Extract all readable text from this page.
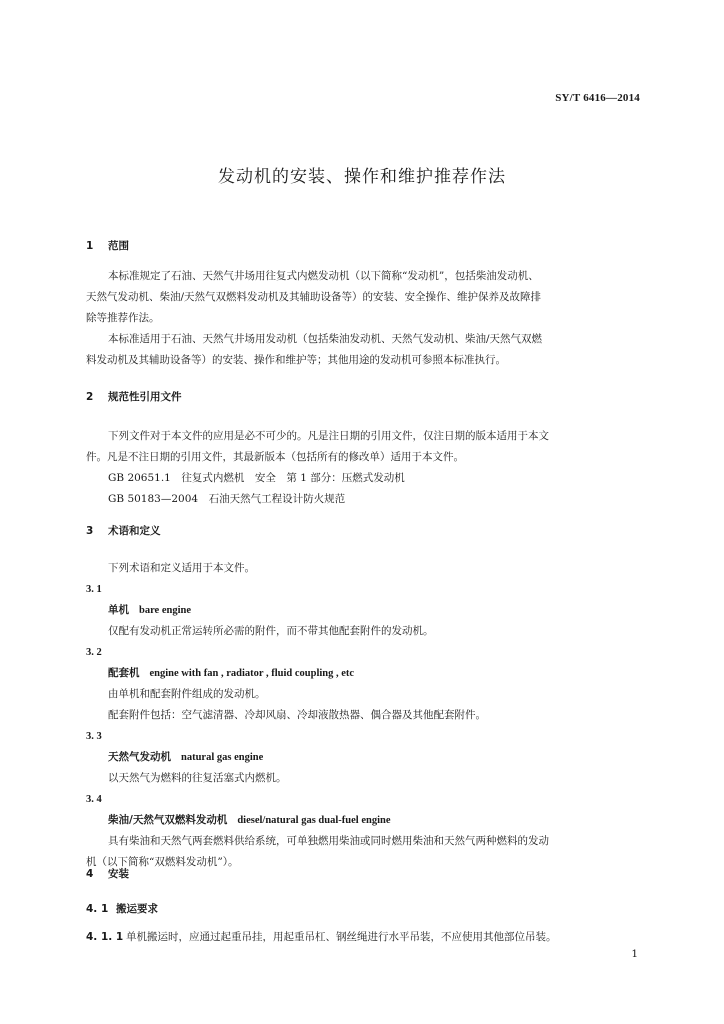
SY/T 6416—2014
发动机的安装、操作和维护推荐作法
1 范围
本标准规定了石油、天然气井场用往复式内燃发动机（以下简称“发动机”，包括柴油发动机、
天然气发动机、柴油/天然气双燃料发动机及其辅助设备等）的安装、安全操作、维护保养及故障排
除等推荐作法。
本标准适用于石油、天然气井场用发动机（包括柴油发动机、天然气发动机、柴油/天然气双燃
料发动机及其辅助设备等）的安装、操作和维护等；其他用途的发动机可参照本标准执行。
2 规范性引用文件
下列文件对于本文件的应用是必不可少的。凡是注日期的引用文件，仅注日期的版本适用于本文
件。凡是不注日期的引用文件，其最新版本（包括所有的修改单）适用于本文件。
GB 20651.1　往复式内燃机　安全　第 1 部分：压燃式发动机
GB 50183—2004　石油天然气工程设计防火规范
3 术语和定义
下列术语和定义适用于本文件。
3. 1
单机 bare engine
仅配有发动机正常运转所必需的附件，而不带其他配套附件的发动机。
3. 2
配套机 engine with fan , radiator , fluid coupling , etc
由单机和配套附件组成的发动机。
配套附件包括：空气滤清器、冷却风扇、冷却液散热器、偶合器及其他配套附件。
3. 3
天然气发动机 natural gas engine
以天然气为燃料的往复活塞式内燃机。
3. 4
柴油/天然气双燃料发动机 diesel/natural gas dual-fuel engine
具有柴油和天然气两套燃料供给系统，可单独燃用柴油或同时燃用柴油和天然气两种燃料的发动
机（以下简称“双燃料发动机”）。
4 安装
4. 1 搬运要求
4. 1. 1 单机搬运时，应通过起重吊挂，用起重吊杠、钢丝绳进行水平吊装，不应使用其他部位吊装。
1
